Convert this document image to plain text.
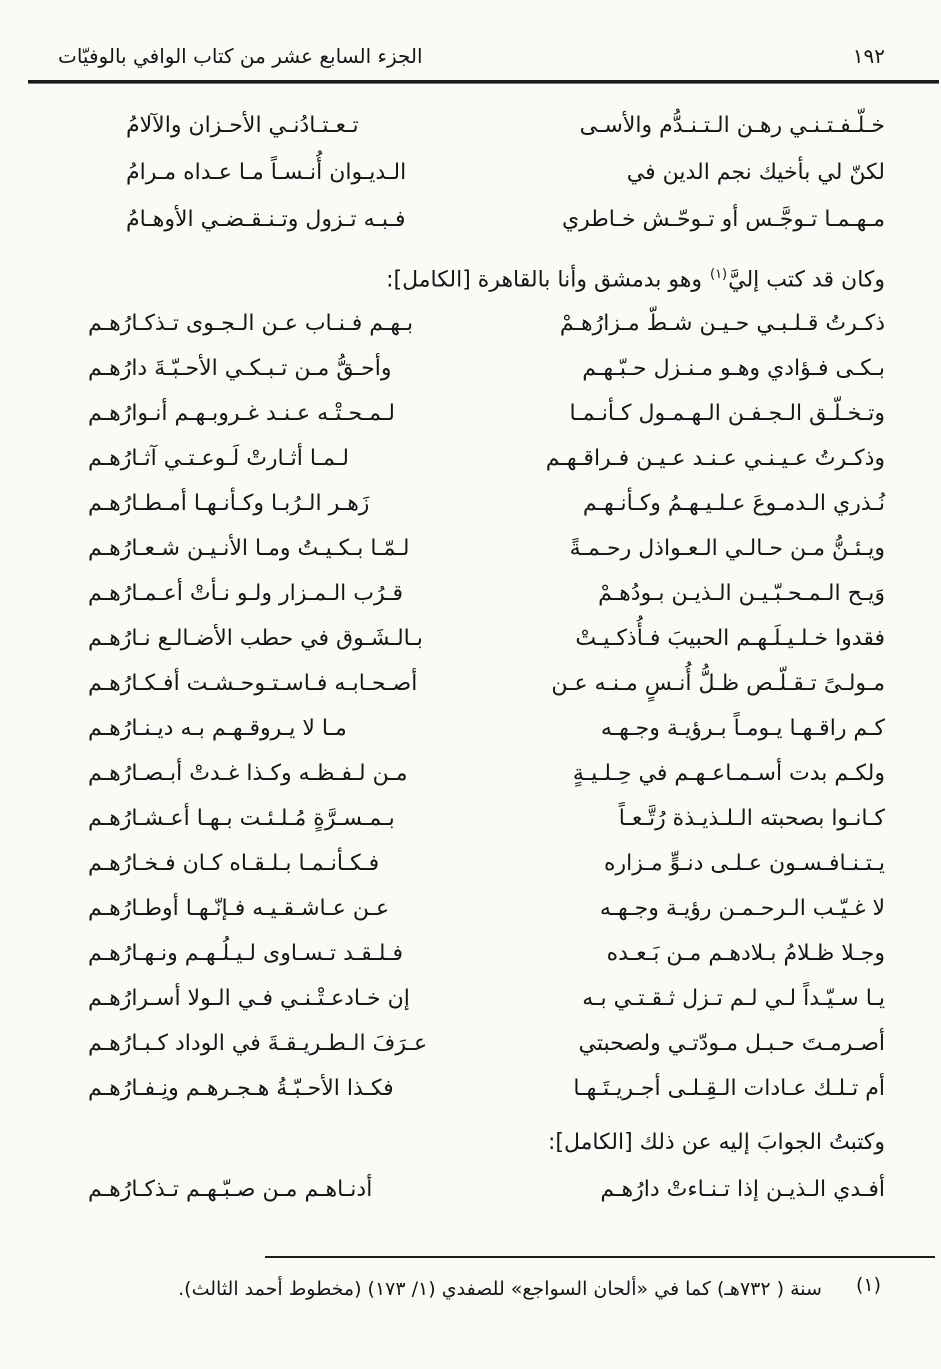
١٩٢
الجزء السابع عشر من كتاب الوافي بالوفيّات
خـلّـفـتـنـي رهـن الـتـنـدُّم والأسـى
تـعـتـادُنـي الأحـزان والآلامُ
لكنّ لي بأخيك نجم الدين في
الـديـوان أُنـسـاً مـا عـداه مـرامُ
مـهـمـا تـوجَّـس أو تـوحّـش خـاطري
فـبـه تـزول وتـنـقـضـي الأوهـامُ

وكان قد كتب إليَّ$^{(١)}$ وهو بدمشق وأنا بالقاهرة [الكامل]:

ذكـرتُ قـلـبـي حـيـن شـطّ مـزارُهـمْ
بـهـم فـنـاب عـن الـجـوى تـذكـارُهـم
بـكـى فـؤادي وهـو مـنـزل حـبّـهـم
وأحـقُّ مـن تـبـكـي الأحـبّـةَ دارُهـم
وتـخـلّـق الـجـفـن الـهـمـول كـأنـمـا
لـمـحـتْـه عـنـد غـروبـهـم أنـوارُهـم
وذكـرتُ عـيـنـي عـنـد عـيـن فـراقـهـم
لـمـا أثـارتْ لَـوعـتـي آثـارُهـم
نُـذري الـدمـوعَ عـلـيـهـمُ وكـأنـهـم
زَهـر الـرُبـا وكـأنـهـا أمـطـارُهـم
ويـئـنُّ مـن حـالـي الـعـواذل رحـمـةً
لـمّـا بـكـيـتُ ومـا الأنـيـن شـعـارُهـم
وَيـح الـمـحـبّـيـن الـذيـن بـودُهـمْ
قـرُب الـمـزار ولـو نـأتْ أعـمـارُهـم
فقدوا خـلـيـلَـهـم الحبيبَ فـأُذكـيـتْ
بـالـشَـوق في حطب الأضـالـع نـارُهـم
مـولـىً تـقـلّـص ظـلُّ أُنـسٍ مـنـه عـن
أصـحـابـه فـاسـتـوحـشـت أفـكـارُهـم
كـم راقـهـا يـومـاً بـرؤيـة وجـهـه
مـا لا يـروقـهـم بـه ديـنـارُهـم
ولكـم بدت أسـمـاعـهـم في حِـلـيـةٍ
مـن لـفـظـه وكـذا غـدتْ أبـصـارُهـم
كـانـوا بصحبته الـلـذيـذة رُتَّـعـاً
بـمـسـرَّةٍ مُـلـئـت بـهـا أعـشـارُهـم
يـتـنـافـسـون عـلـى دنـوٍّ مـزاره
فـكـأنـمـا بـلـقـاه كـان فـخـارُهـم
لا غـيّـب الـرحـمـن رؤيـة وجـهـه
عـن عـاشـقـيـه فـإنّـهـا أوطـارُهـم
وجـلا ظـلامُ بـلادهـم مـن بَـعـده
فـلـقـد تـسـاوى لـيـلُـهـم ونـهـارُهـم
يـا سـيّـداً لـي لـم تـزل ثـقـتـي بـه
إن خـادعـتْـنـي فـي الـولا أسـرارُهـم
أصـرمـتَ حـبـل مـودّتـي ولصحبتي
عـرَفَ الـطـريـقـةَ في الوداد كـبـارُهـم
أم تـلـك عـادات الـقِـلـى أجـريـتَـهـا
فكـذا الأحـبّـةُ هـجـرهـم ونِـفـارُهـم

وكتبتُ الجوابَ إليه عن ذلك [الكامل]:

أفـدي الـذيـن إذا تـنـاءتْ دارُهـم
أدنـاهـم مـن صـبّـهـم تـذكـارُهـم
(١)
سنة ( ٧٣٢هـ) كما في «ألحان السواجع» للصفدي (١/ ١٧٣) (مخطوط أحمد الثالث).
